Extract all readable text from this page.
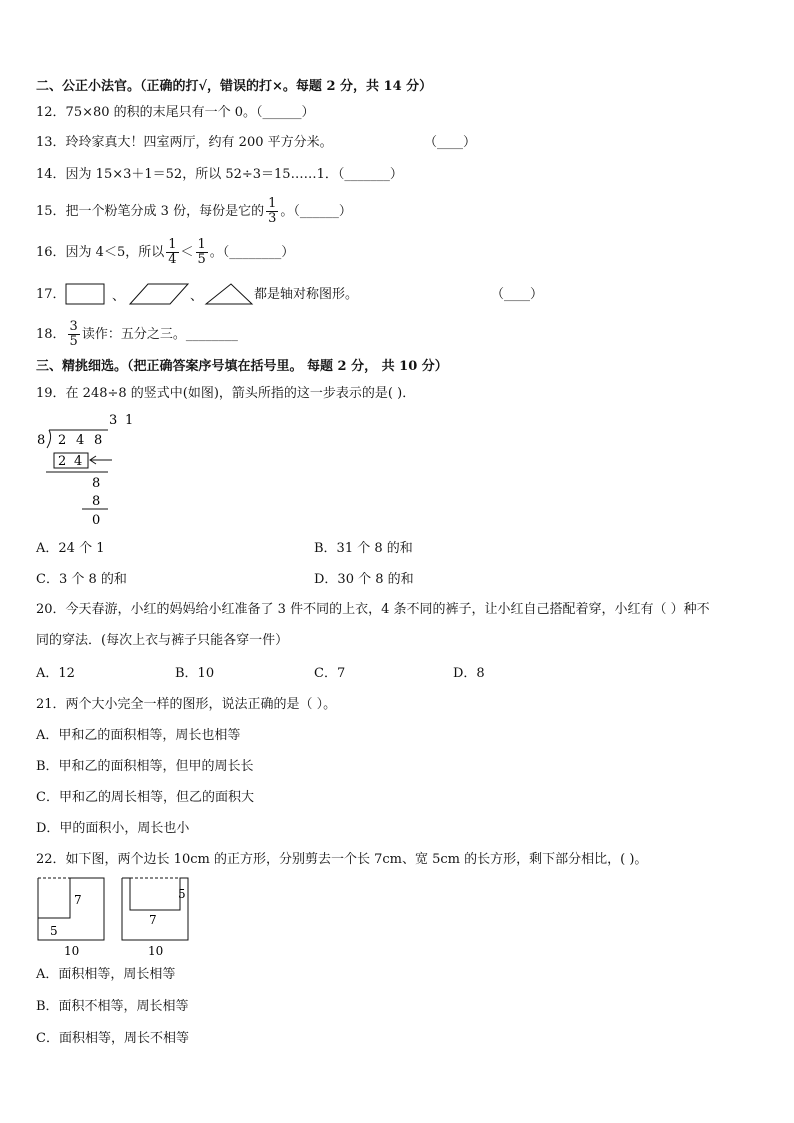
二、公正小法官。（正确的打√，错误的打×。每题 2 分，共 14 分）
12．75×80 的积的末尾只有一个 0。（______）
13．玲玲家真大！四室两厅，约有 200 平方分米。	（____）
14．因为 15×3＋1＝52，所以 52÷3＝15……1．（_______）
15．把一个粉笔分成 3 份，每份是它的 $\frac{1}{3}$ 。（______）
16．因为 4＜5，所以 $\frac{1}{4} < \frac{1}{5}$ 。（________）
17．	、	、	都是轴对称图形。	（____）
18． $\frac{3}{5}$ 读作：五分之三。________
三、精挑细选。（把正确答案序号填在括号里。 每题 2 分， 共 10 分）
19．在 248÷8 的竖式中(如图)，箭头所指的这一步表示的是( )．
3 1
8 2 4 8
2 4
8
8
0
A．24 个 1	B．31 个 8 的和
C．3 个 8 的和	D．30 个 8 的和
20．今天春游，小红的妈妈给小红准备了 3 件不同的上衣，4 条不同的裤子，让小红自己搭配着穿，小红有（ ）种不
同的穿法．(每次上衣与裤子只能各穿一件）
A．12	B．10	C．7	D．8
21．两个大小完全一样的图形，说法正确的是（ ）。
A．甲和乙的面积相等，周长也相等
B．甲和乙的面积相等，但甲的周长长
C．甲和乙的周长相等，但乙的面积大
D．甲的面积小，周长也小
22．如下图，两个边长 10cm 的正方形，分别剪去一个长 7cm、宽 5cm 的长方形，剩下部分相比，( )。
7
5
10
5
7
10
A．面积相等，周长相等
B．面积不相等，周长相等
C．面积相等，周长不相等
